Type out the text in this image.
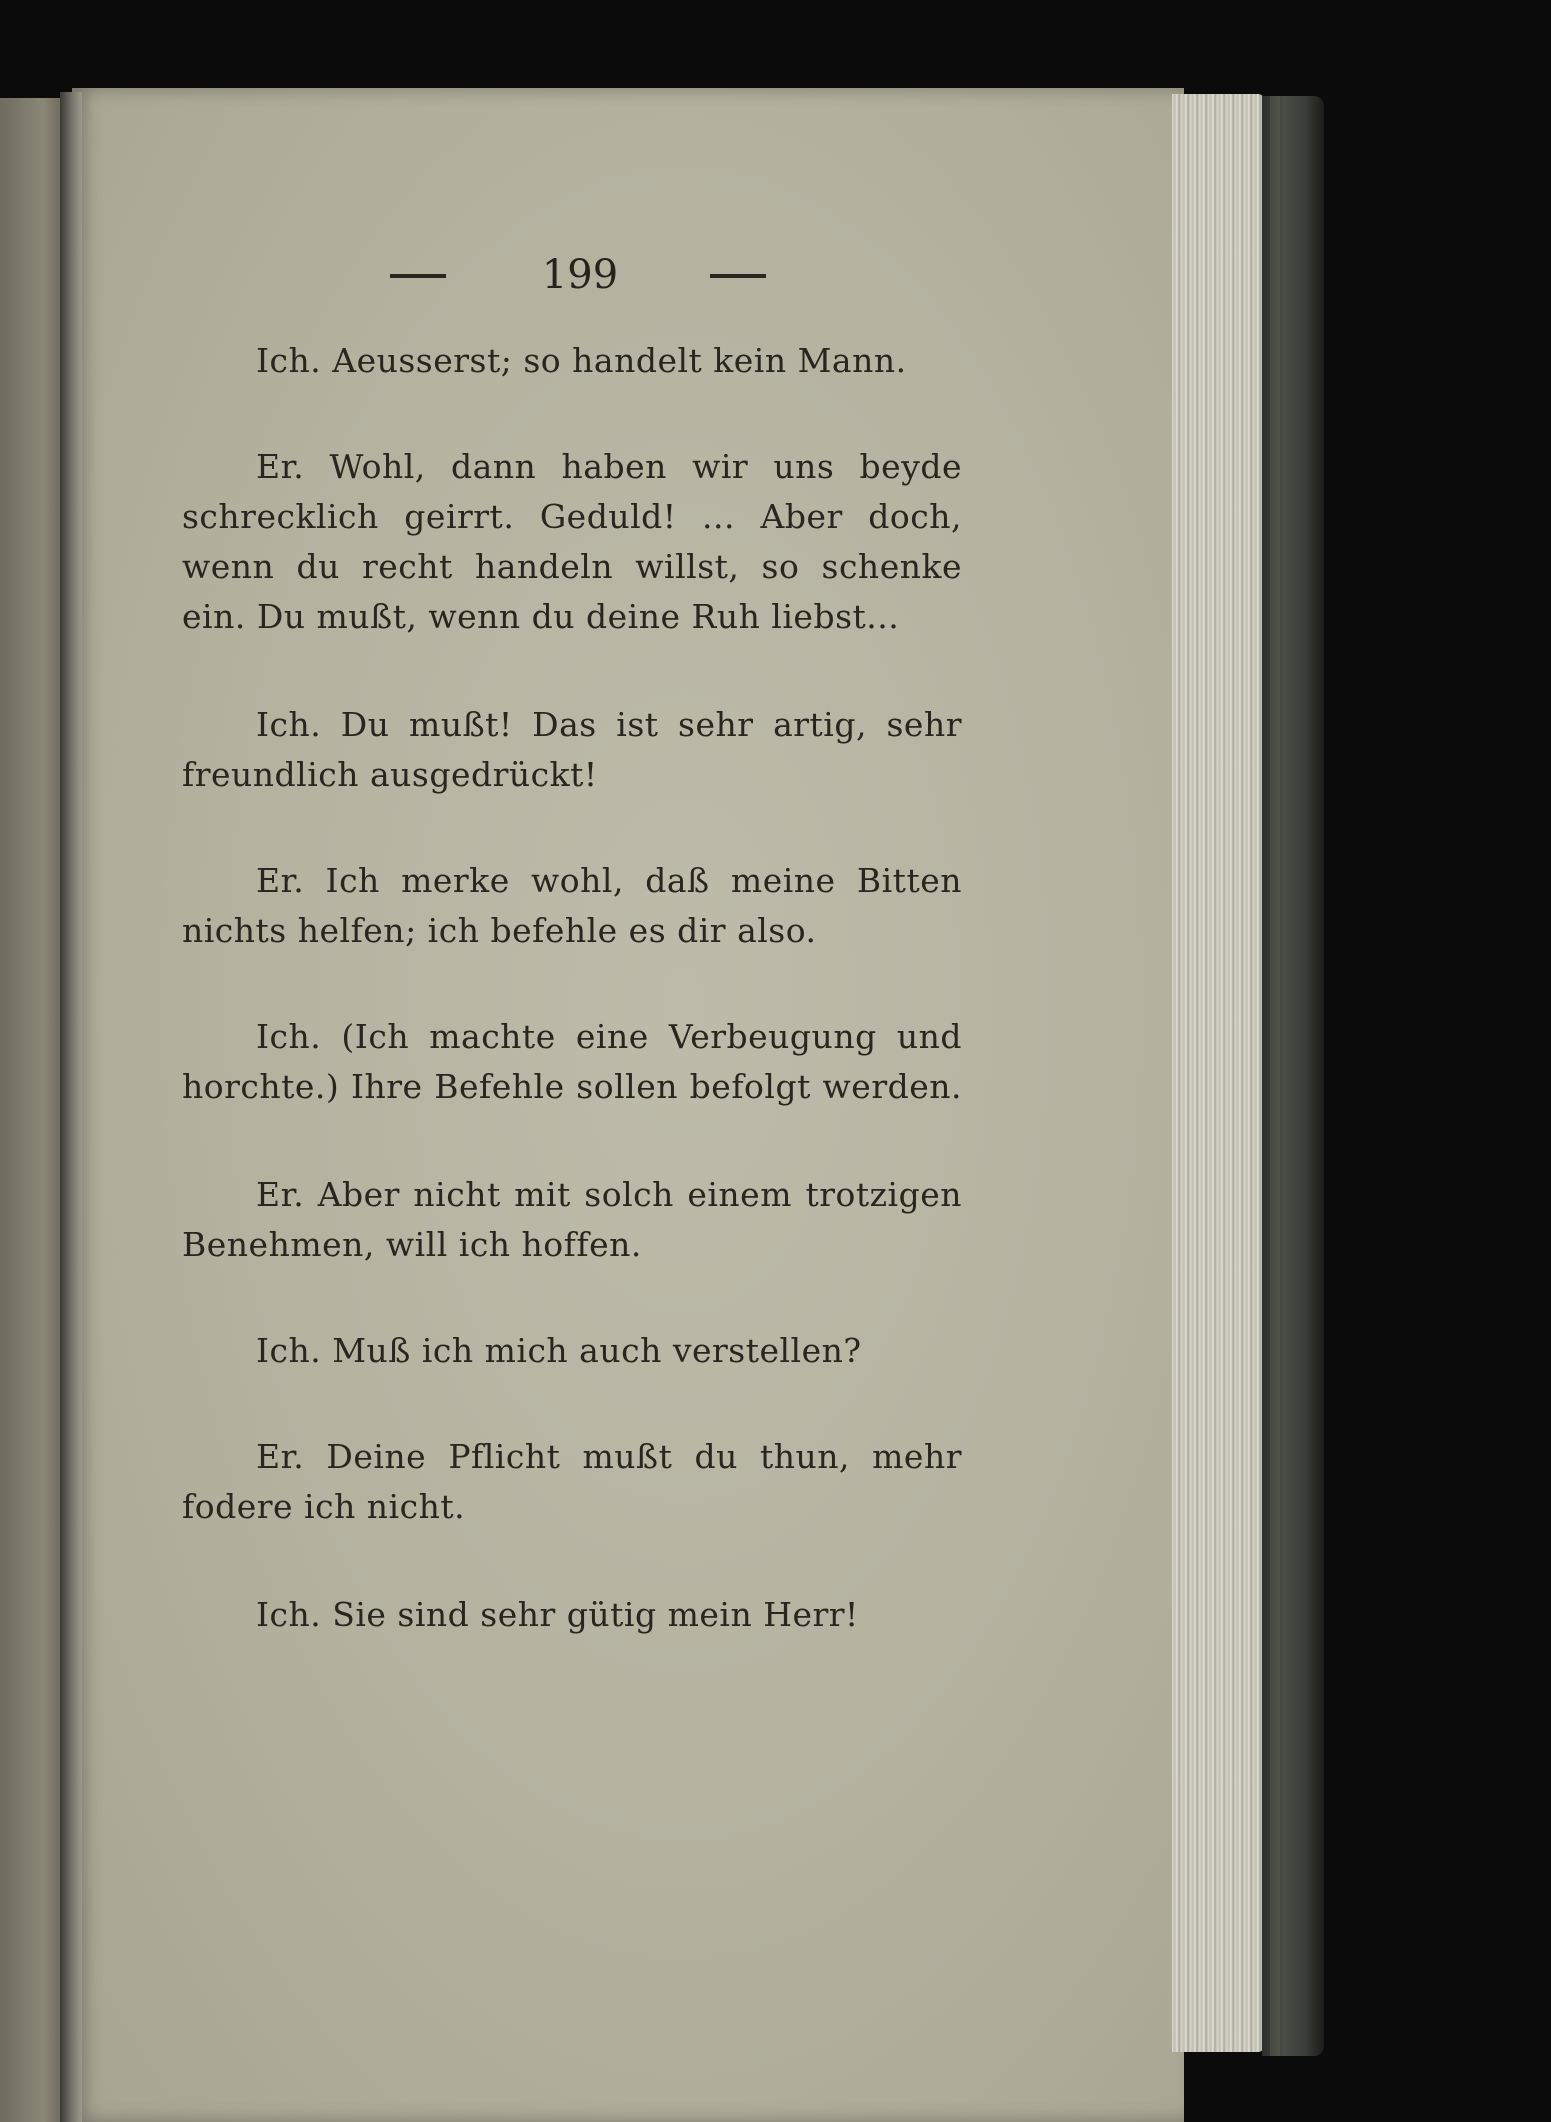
199
Ich. Aeusserst; so handelt kein Mann.
Er. Wohl, dann haben wir uns beyde
schrecklich geirrt. Geduld! ... Aber doch,
wenn du recht handeln willst, so schenke
ein. Du mußt, wenn du deine Ruh liebst...
Ich. Du mußt! Das ist sehr artig, sehr
freundlich ausgedrückt!
Er. Ich merke wohl, daß meine Bitten
nichts helfen; ich befehle es dir also.
Ich. (Ich machte eine Verbeugung und
horchte.) Ihre Befehle sollen befolgt werden.
Er. Aber nicht mit solch einem trotzigen
Benehmen, will ich hoffen.
Ich. Muß ich mich auch verstellen?
Er. Deine Pflicht mußt du thun, mehr
fodere ich nicht.
Ich. Sie sind sehr gütig mein Herr!
